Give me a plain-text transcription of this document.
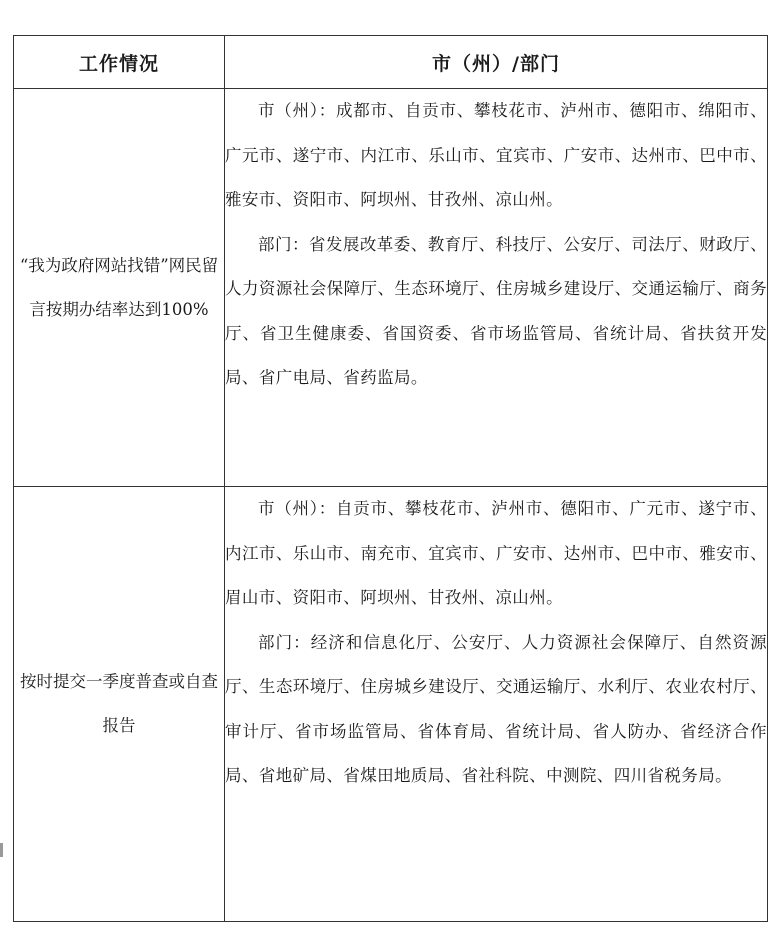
工作情况	市（州）/部门
“我为政府网站找错”网民留言按期办结率达到100%	市（州）：成都市、自贡市、攀枝花市、泸州市、德阳市、绵阳市、广元市、遂宁市、内江市、乐山市、宜宾市、广安市、达州市、巴中市、雅安市、资阳市、阿坝州、甘孜州、凉山州。

部门：省发展改革委、教育厅、科技厅、公安厅、司法厅、财政厅、人力资源社会保障厅、生态环境厅、住房城乡建设厅、交通运输厅、商务厅、省卫生健康委、省国资委、省市场监管局、省统计局、省扶贫开发局、省广电局、省药监局。

按时提交一季度普查或自查报告	市（州）：自贡市、攀枝花市、泸州市、德阳市、广元市、遂宁市、内江市、乐山市、南充市、宜宾市、广安市、达州市、巴中市、雅安市、眉山市、资阳市、阿坝州、甘孜州、凉山州。

部门：经济和信息化厅、公安厅、人力资源社会保障厅、自然资源厅、生态环境厅、住房城乡建设厅、交通运输厅、水利厅、农业农村厅、审计厅、省市场监管局、省体育局、省统计局、省人防办、省经济合作局、省地矿局、省煤田地质局、省社科院、中测院、四川省税务局。
